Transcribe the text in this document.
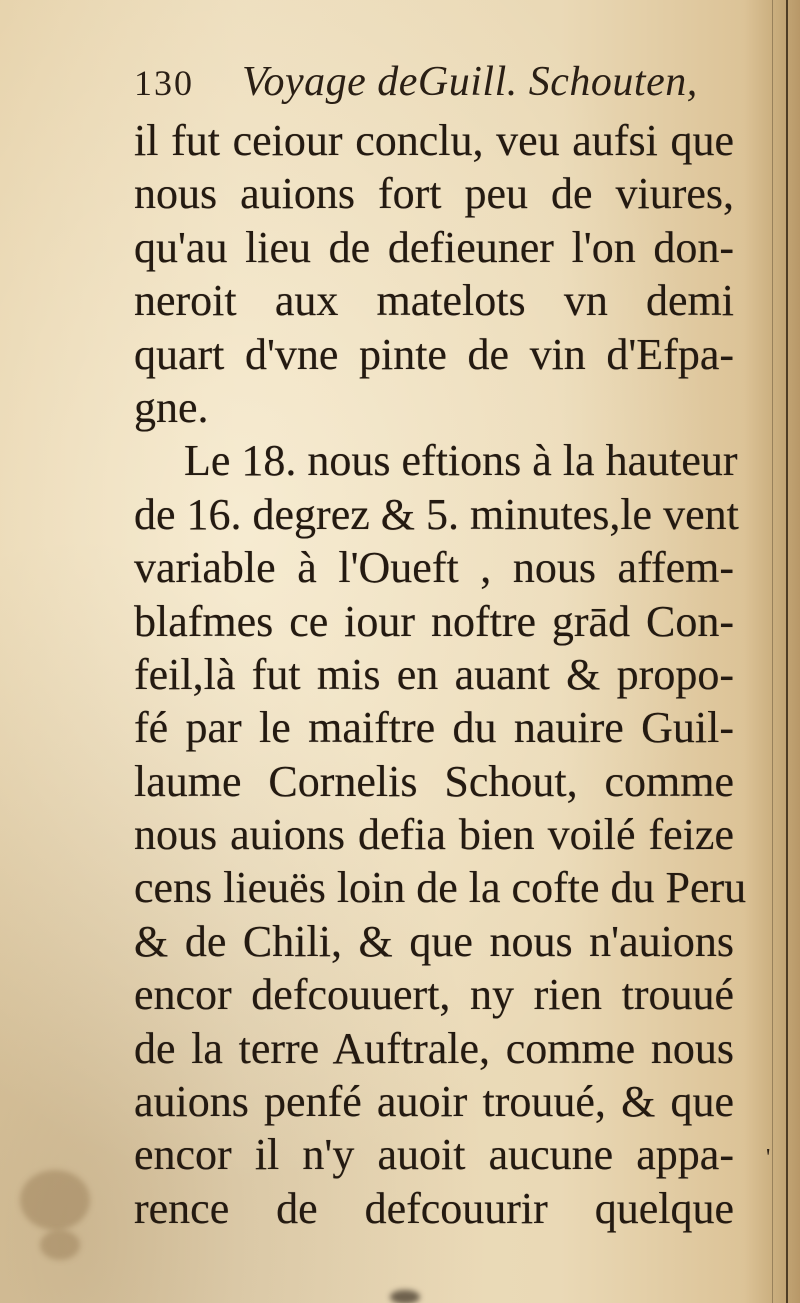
130 Voyage deGuill. Schouten,
il fut ceiour conclu, veu aufsi que
nous auions fort peu de viures,
qu'au lieu de defieuner l'on don-
neroit aux matelots vn demi
quart d'vne pinte de vin d'Efpa-
gne.
Le 18. nous eftions à la hauteur
de 16. degrez & 5. minutes,le vent
variable à l'Oueft , nous affem-
blafmes ce iour noftre grād Con-
feil,là fut mis en auant & propo-
fé par le maiftre du nauire Guil-
laume Cornelis Schout, comme
nous auions defia bien voilé feize
cens lieuës loin de la cofte du Peru
& de Chili, & que nous n'auions
encor defcouuert, ny rien trouué
de la terre Auftrale, comme nous
auions penfé auoir trouué, & que
encor il n'y auoit aucune appa-
rence de defcouurir quelque
'
